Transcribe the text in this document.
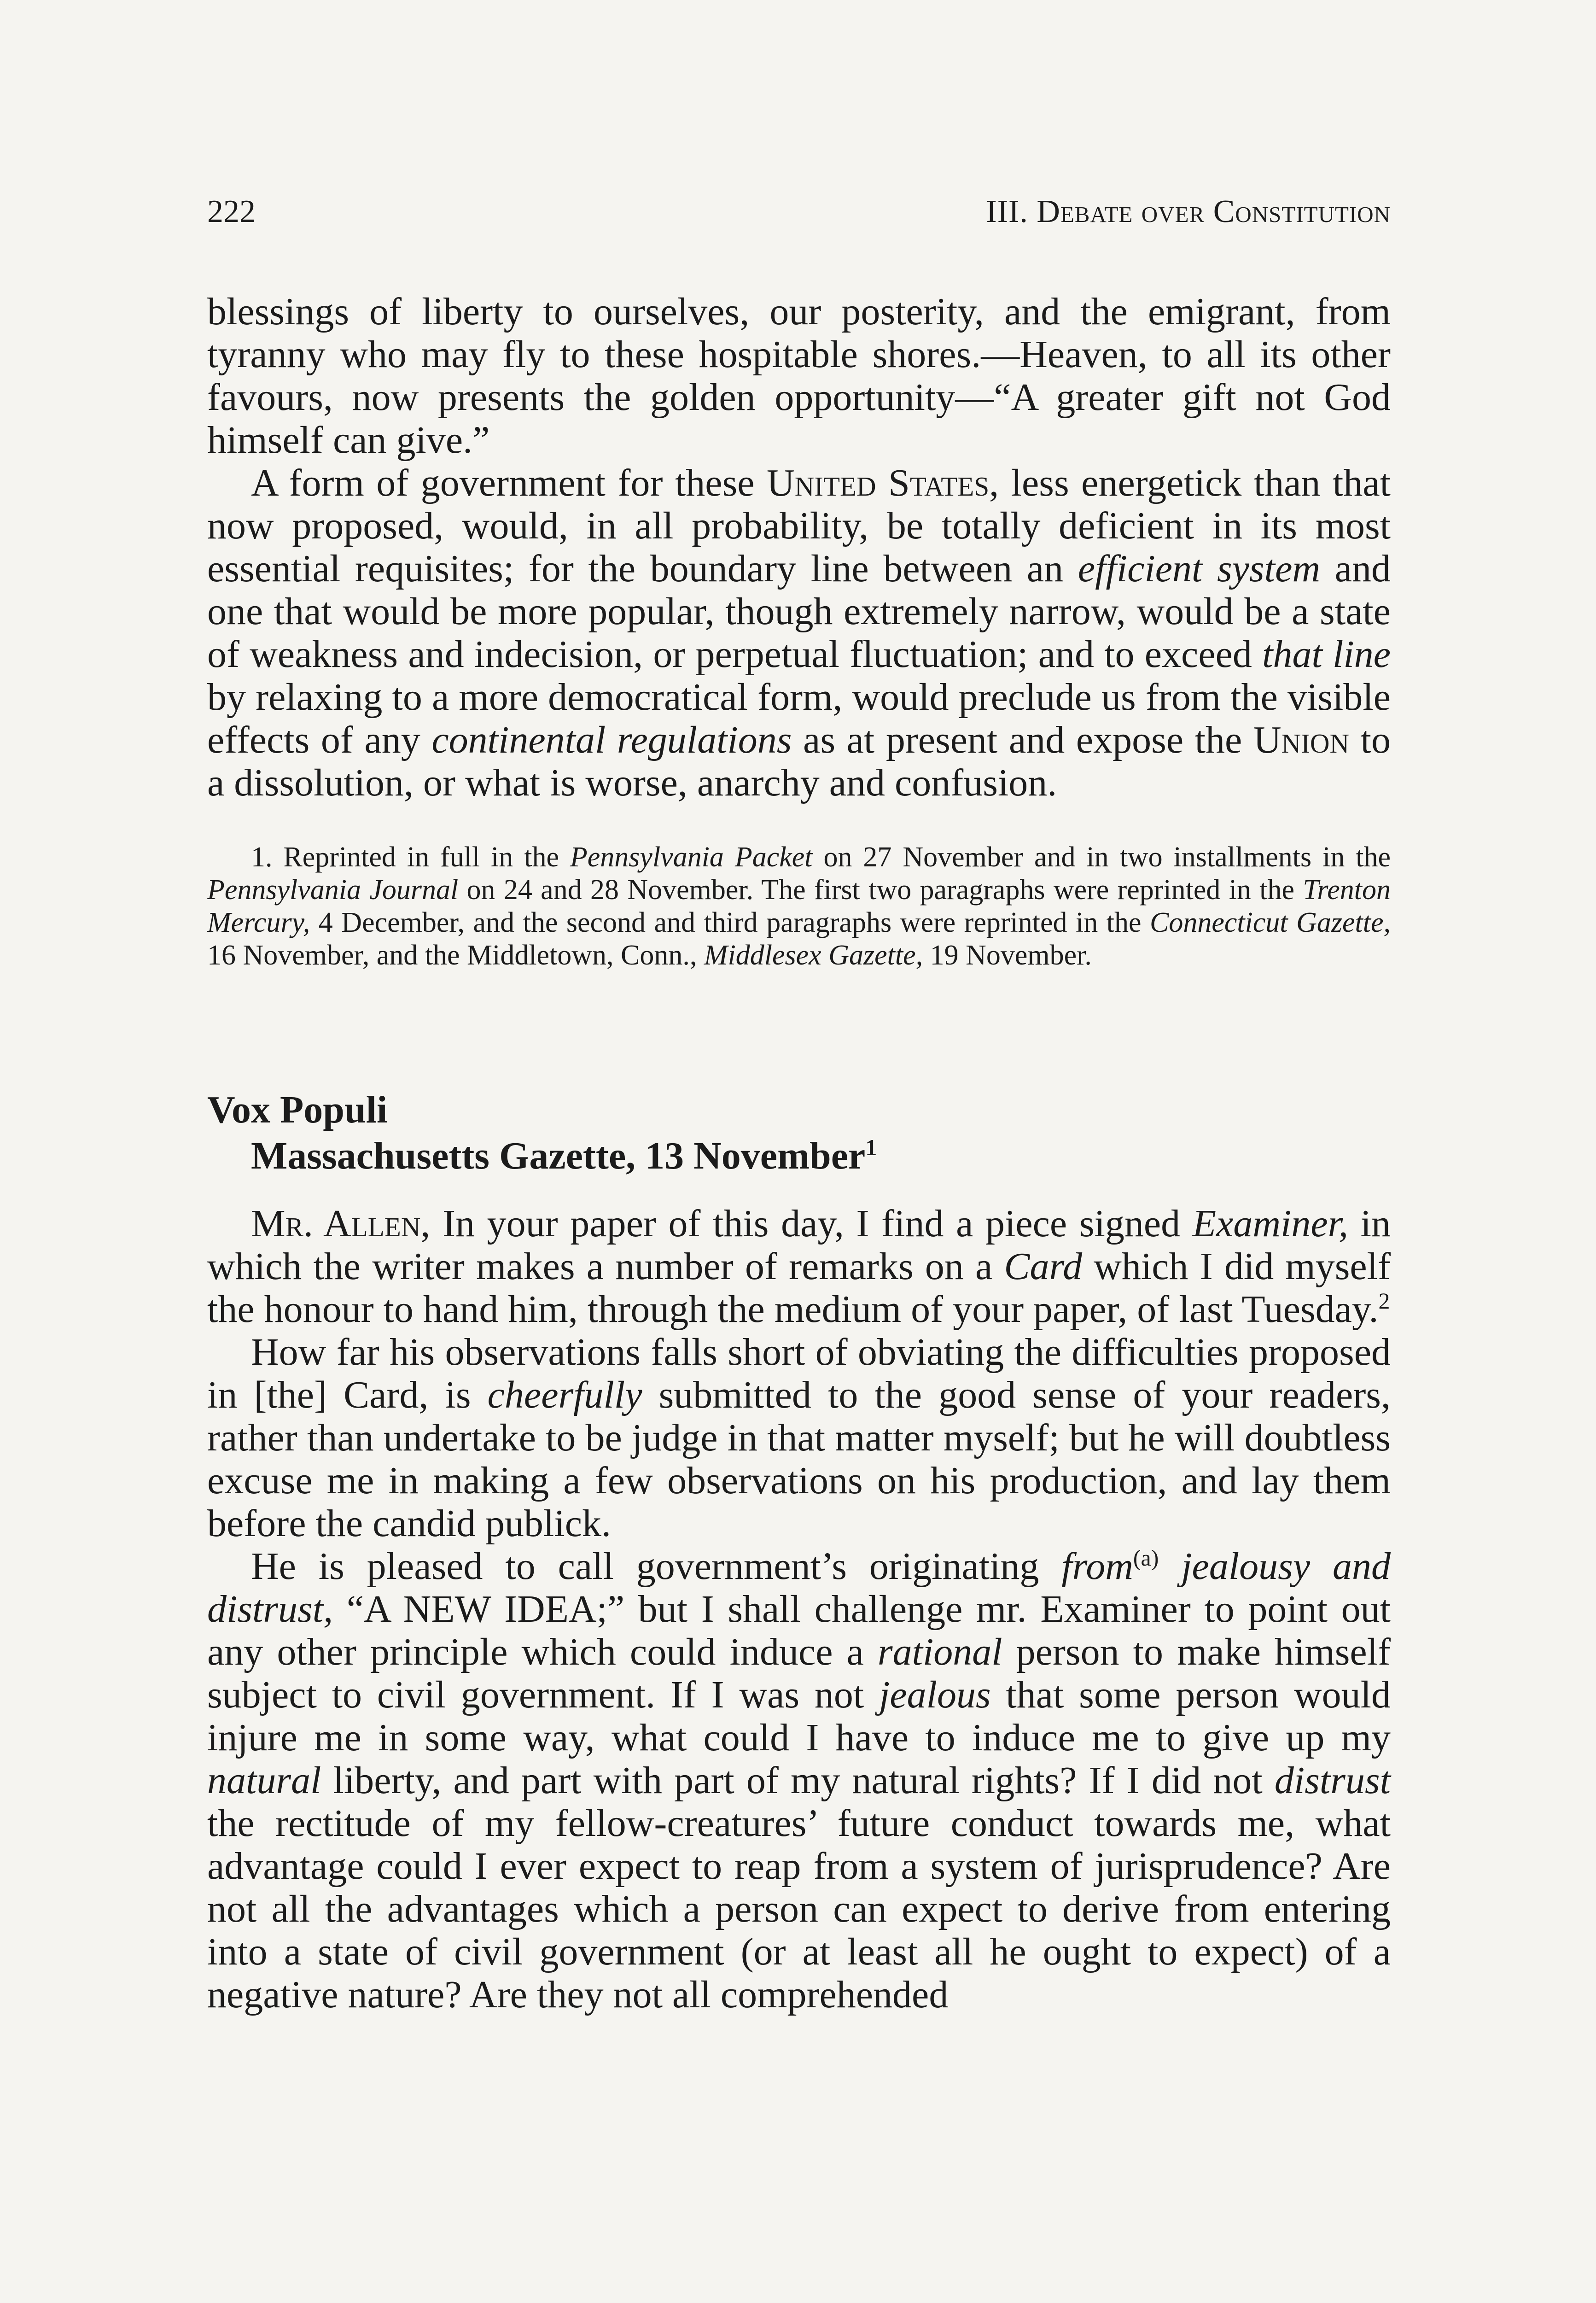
222	III. Debate over Constitution

blessings of liberty to ourselves, our posterity, and the emigrant, from tyranny who may fly to these hospitable shores.—Heaven, to all its other favours, now presents the golden opportunity—“A greater gift not God himself can give.”

A form of government for these United States, less energetick than that now proposed, would, in all probability, be totally deficient in its most essential requisites; for the boundary line between an efficient system and one that would be more popular, though extremely narrow, would be a state of weakness and indecision, or perpetual fluctuation; and to exceed that line by relaxing to a more democratical form, would preclude us from the visible effects of any continental regulations as at present and expose the Union to a dissolution, or what is worse, anarchy and confusion.

1. Reprinted in full in the Pennsylvania Packet on 27 November and in two installments in the Pennsylvania Journal on 24 and 28 November. The first two paragraphs were reprinted in the Trenton Mercury, 4 December, and the second and third paragraphs were reprinted in the Connecticut Gazette, 16 November, and the Middletown, Conn., Middlesex Gazette, 19 November.

Vox Populi
Massachusetts Gazette, 13 November$^1$

Mr. Allen, In your paper of this day, I find a piece signed Examiner, in which the writer makes a number of remarks on a Card which I did myself the honour to hand him, through the medium of your paper, of last Tuesday.$^2$

How far his observations falls short of obviating the difficulties proposed in [the] Card, is cheerfully submitted to the good sense of your readers, rather than undertake to be judge in that matter myself; but he will doubtless excuse me in making a few observations on his production, and lay them before the candid publick.

He is pleased to call government’s originating from$^{(a)}$ jealousy and distrust, “A NEW IDEA;” but I shall challenge mr. Examiner to point out any other principle which could induce a rational person to make himself subject to civil government. If I was not jealous that some person would injure me in some way, what could I have to induce me to give up my natural liberty, and part with part of my natural rights? If I did not distrust the rectitude of my fellow-creatures’ future conduct towards me, what advantage could I ever expect to reap from a system of jurisprudence? Are not all the advantages which a person can expect to derive from entering into a state of civil government (or at least all he ought to expect) of a negative nature? Are they not all comprehended
